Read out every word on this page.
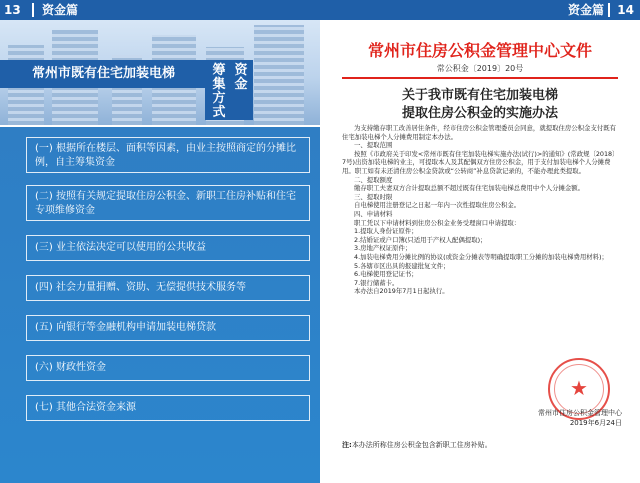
13 资金篇
常州市既有住宅加装电梯	资金
筹集方式
(一) 根据所在楼层、面积等因素，由业主按照商定的分摊比例，自主筹集资金
(二) 按照有关规定提取住房公积金、新职工住房补贴和住宅专项维修资金
(三) 业主依法决定可以使用的公共收益
(四) 社会力量捐赠、资助、无偿提供技术服务等
(五) 向银行等金融机构申请加装电梯贷款
(六) 财政性资金
(七) 其他合法资金来源
资金篇 14
常州市住房公积金管理中心文件
常公积金〔2019〕20号
关于我市既有住宅加装电梯
提取住房公积金的实施办法

为支持缴存职工改善居住条件，经市住房公积金管理委员会同意，就提取住房公积金支付既有住宅加装电梯个人分摊费用制定本办法。

一、提取范围

按照《市政府关于印发<常州市既有住宅加装电梯实施办法(试行)>的通知》(常政规〔2018〕7号)出资加装电梯的业主，可提取本人及其配偶双方住房公积金，用于支付加装电梯个人分摊费用。职工如有未还清住房公积金贷款或“公转商”补息贷款记录的，不能办理此类提取。

二、提取额度

缴存职工夫妻双方合计提取总额不超过既有住宅加装电梯总费用中个人分摊金额。

三、提取时限

自电梯使用注册登记之日起一年内一次性提取住房公积金。

四、申请材料

职工凭以下申请材料到住房公积金业务受理窗口申请提取：

1.提取人身份证原件；

2.结婚证或户口簿(只适用于产权人配偶提取)；

3.房地产权证原件；

4.加装电梯费用分摊比例的协议(或资金分摊表等明确提取职工分摊的加装电梯费用材料)；

5.各辖市区出具的报建批复文件；

6.电梯使用登记证书；

7.银行储蓄卡。

本办法自2019年7月1日起执行。

★
常州市住房公积金管理中心
2019年6月24日
注:本办法所称住房公积金包含新职工住房补贴。
